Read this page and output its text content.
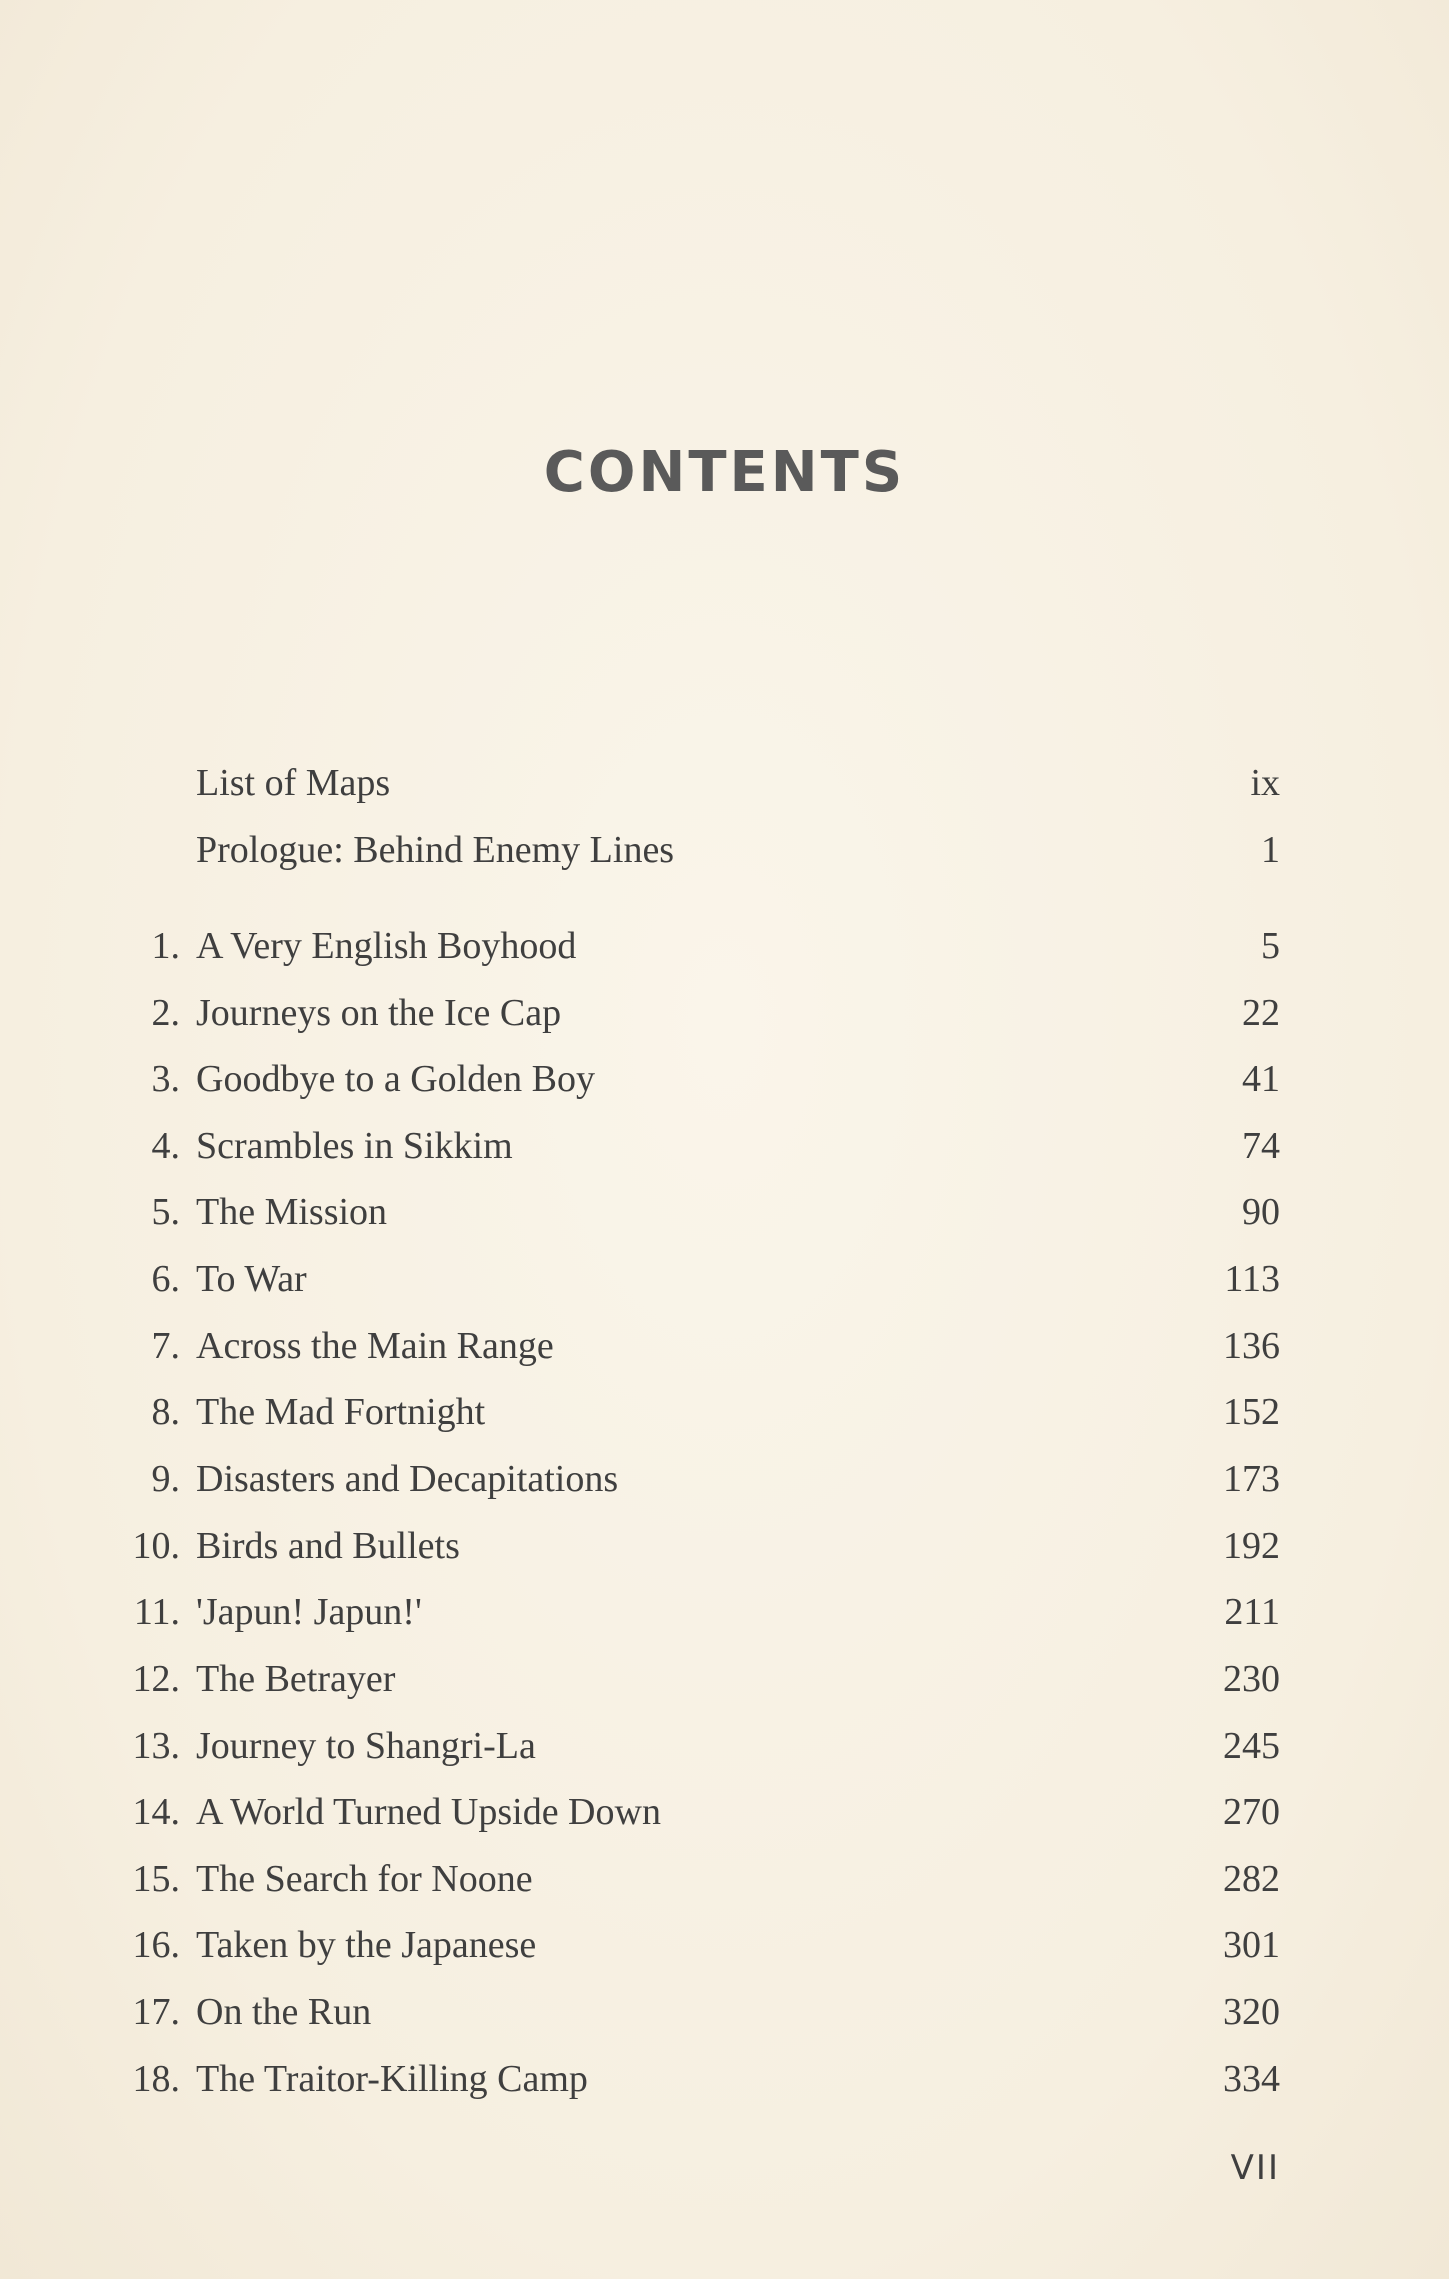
CONTENTS
List of Maps	ix
Prologue: Behind Enemy Lines	1
1. A Very English Boyhood	5
2. Journeys on the Ice Cap	22
3. Goodbye to a Golden Boy	41
4. Scrambles in Sikkim	74
5. The Mission	90
6. To War	113
7. Across the Main Range	136
8. The Mad Fortnight	152
9. Disasters and Decapitations	173
10. Birds and Bullets	192
11. 'Japun! Japun!'	211
12. The Betrayer	230
13. Journey to Shangri-La	245
14. A World Turned Upside Down	270
15. The Search for Noone	282
16. Taken by the Japanese	301
17. On the Run	320
18. The Traitor-Killing Camp	334
VII
